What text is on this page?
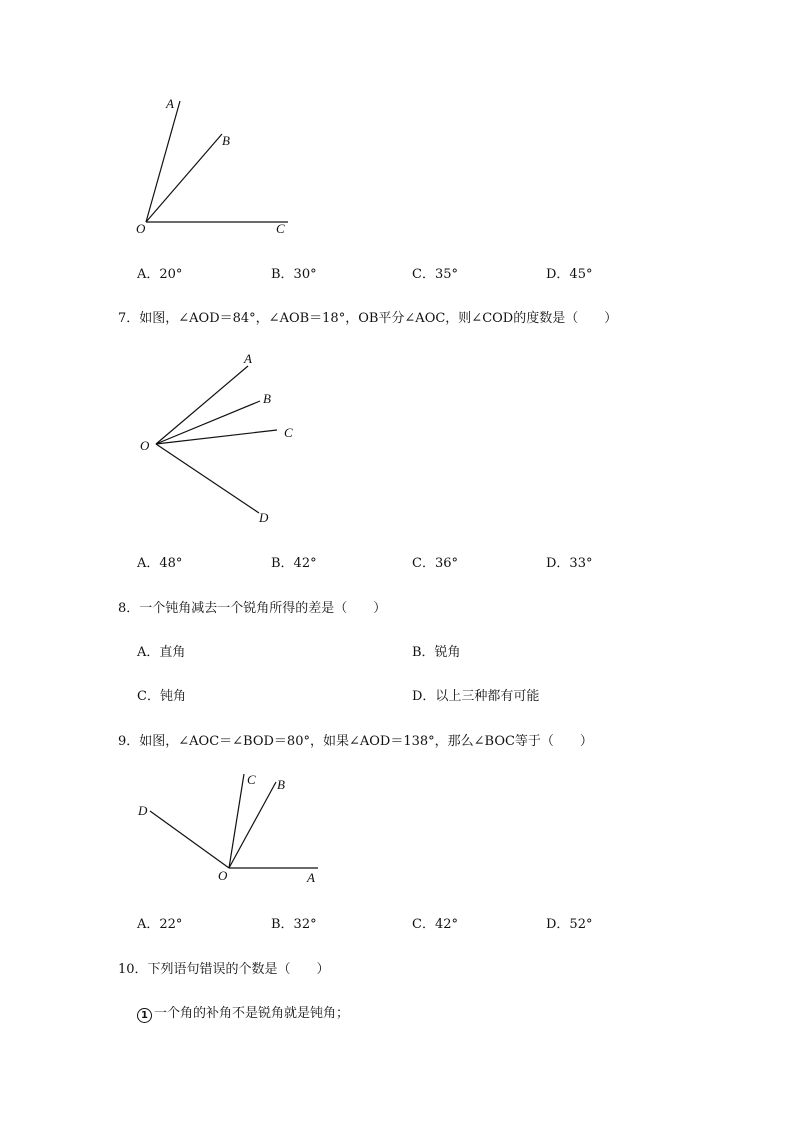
A
B
O	C
A．20°	B．30°	C．35°	D．45°
7．如图，∠AOD＝84°，∠AOB＝18°，OB平分∠AOC，则∠COD的度数是（　　）
A
B
C
O
D
A．48°	B．42°	C．36°	D．33°
8．一个钝角减去一个锐角所得的差是（　　）
A．直角	B．锐角
C．钝角	D．以上三种都有可能
9．如图，∠AOC＝∠BOD＝80°，如果∠AOD＝138°，那么∠BOC等于（　　）
C B
D
O	A
A．22°	B．32°	C．42°	D．52°
10．下列语句错误的个数是（　　）
1 一个角的补角不是锐角就是钝角；
